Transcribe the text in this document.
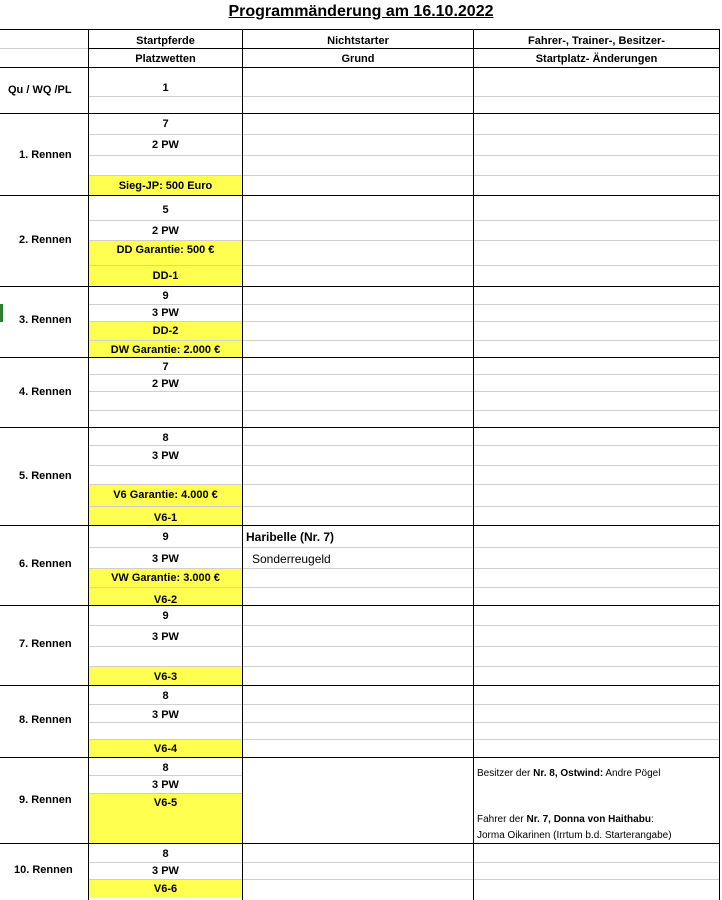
Programmänderung am 16.10.2022
Startpferde
Platzwetten
Nichtstarter
Grund
Fahrer-, Trainer-, Besitzer-
Startplatz- Änderungen
Qu / WQ /PL	1
1. Rennen
7
2 PW
Sieg-JP: 500 Euro
2. Rennen
5
2 PW
DD Garantie: 500 €
DD-1
3. Rennen
9
3 PW
DD-2
DW Garantie: 2.000 €
4. Rennen
7
2 PW
5. Rennen
8
3 PW
V6 Garantie: 4.000 €
V6-1
6. Rennen
9
3 PW
VW Garantie: 3.000 €
V6-2
Haribelle (Nr. 7)
Sonderreugeld
7. Rennen
9
3 PW
V6-3
8. Rennen
8
3 PW
V6-4
9. Rennen
8
3 PW
V6-5
Besitzer der Nr. 8, Ostwind: Andre Pögel
Fahrer der Nr. 7, Donna von Haithabu:
Jorma Oikarinen (Irrtum b.d. Starterangabe)
10. Rennen
8
3 PW
V6-6
